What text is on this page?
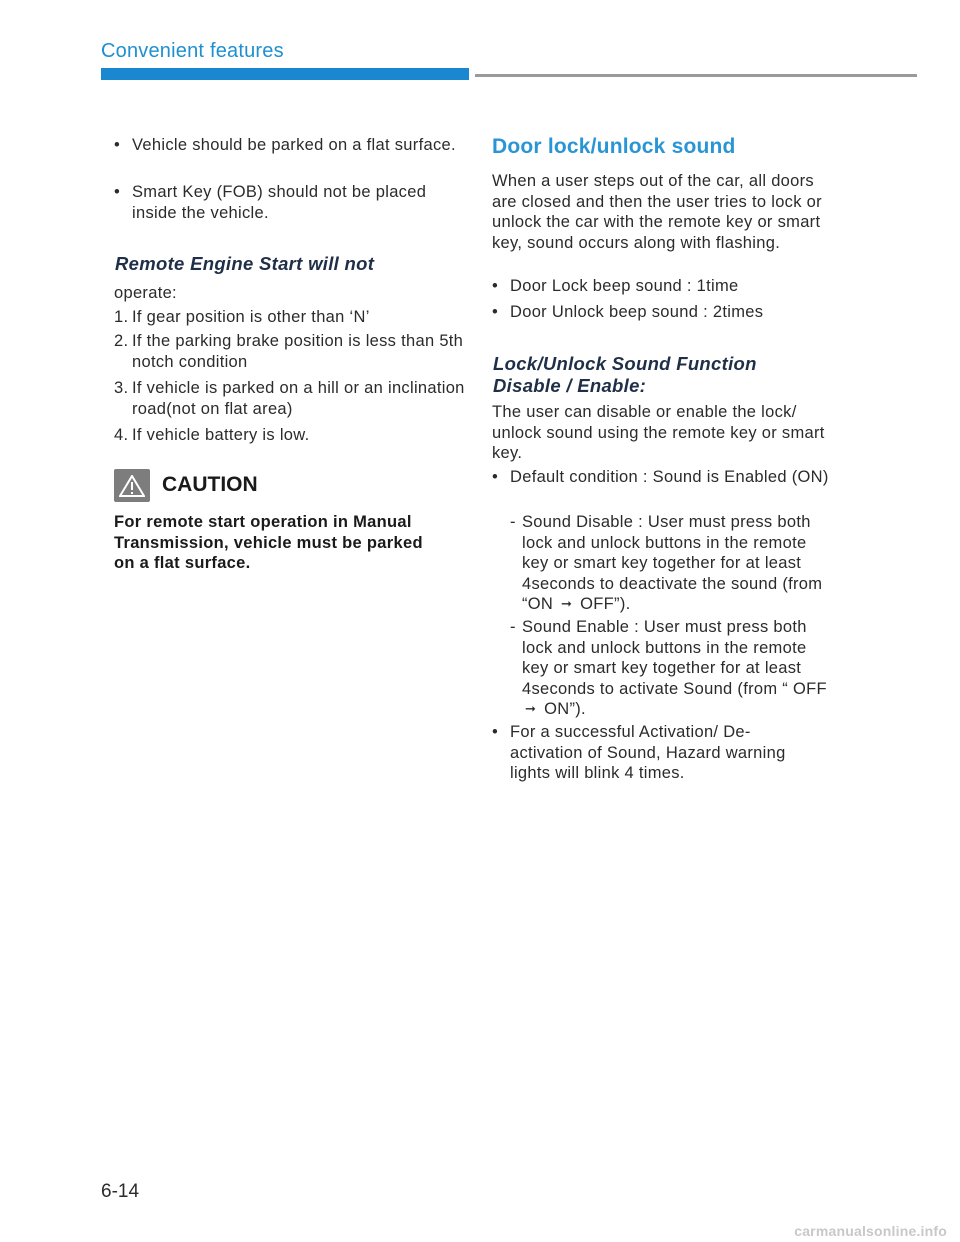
Convenient features
• Vehicle should be parked on a flat surface.
• Smart Key (FOB) should not be placed inside the vehicle.

Remote Engine Start will not

operate:

1. If gear position is other than ‘N’
2. If the parking brake position is less than 5th notch condition
3. If vehicle is parked on a hill or an inclination road(not on flat area)
4. If vehicle battery is low.
CAUTION

For remote start operation in Manual Transmission, vehicle must be parked on a flat surface.

Door lock/unlock sound

When a user steps out of the car, all doors are closed and then the user tries to lock or unlock the car with the remote key or smart key, sound occurs along with flashing.

• Door Lock beep sound : 1time
• Door Unlock beep sound : 2times

Lock/Unlock Sound Function
Disable / Enable:

The user can disable or enable the lock/ unlock sound using the remote key or smart key.

• Default condition : Sound is Enabled (ON)
- Sound Disable : User must press both lock and unlock buttons in the remote key or smart key together for at least 4seconds to deactivate the sound (from “ON ➞ OFF”).
- Sound Enable : User must press both lock and unlock buttons in the remote key or smart key together for at least 4seconds to activate Sound (from “ OFF ➞ ON”).
• For a successful Activation/ De-activation of Sound, Hazard warning lights will blink 4 times.
6-14
carmanualsonline.info
